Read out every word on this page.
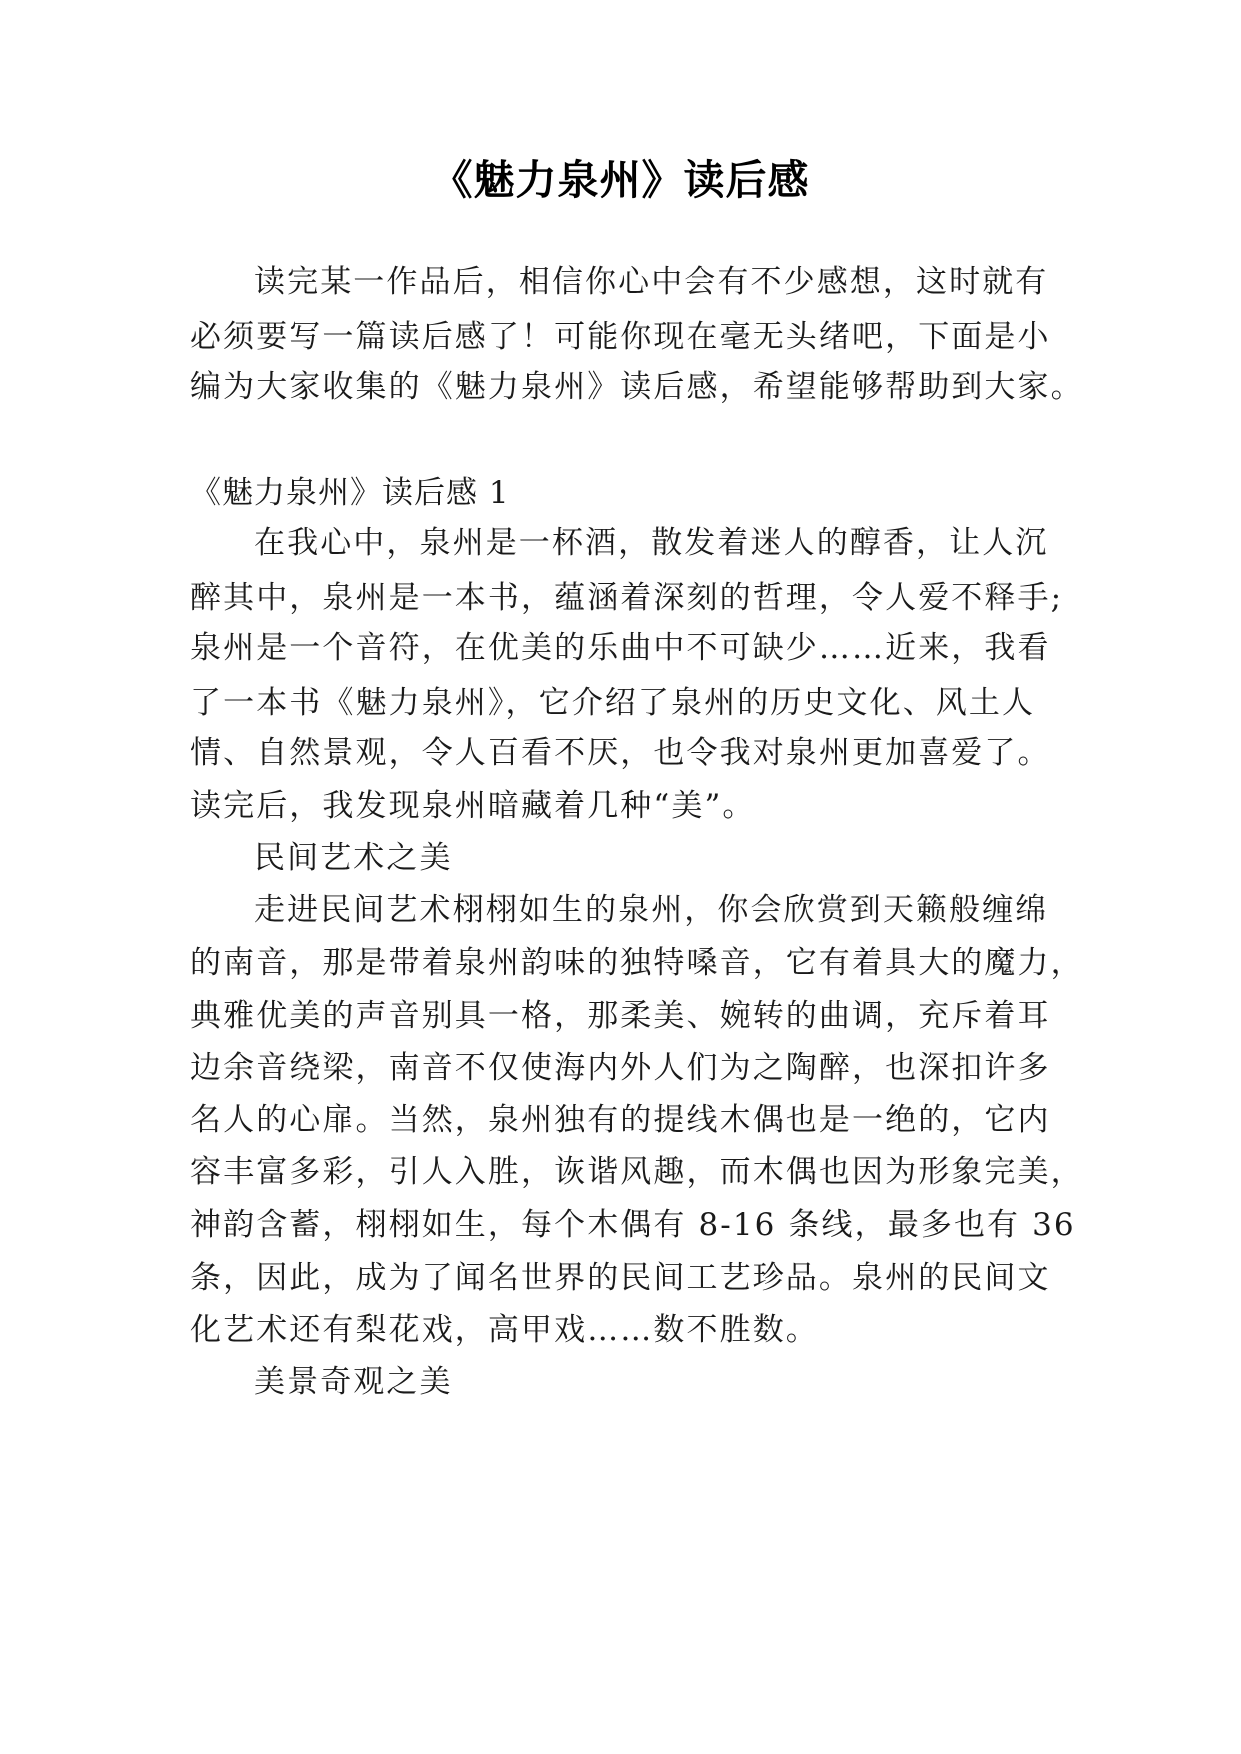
《魅力泉州》读后感
读完某一作品后，相信你心中会有不少感想，这时就有
必须要写一篇读后感了！可能你现在毫无头绪吧，下面是小
编为大家收集的《魅力泉州》读后感，希望能够帮助到大家。
《魅力泉州》读后感 1
在我心中，泉州是一杯酒，散发着迷人的醇香，让人沉
醉其中，泉州是一本书，蕴涵着深刻的哲理，令人爱不释手;
泉州是一个音符，在优美的乐曲中不可缺少……近来，我看
了一本书《魅力泉州》，它介绍了泉州的历史文化、风土人
情、自然景观，令人百看不厌，也令我对泉州更加喜爱了。
读完后，我发现泉州暗藏着几种“美”。
民间艺术之美
走进民间艺术栩栩如生的泉州，你会欣赏到天籁般缠绵
的南音，那是带着泉州韵味的独特嗓音，它有着具大的魔力，
典雅优美的声音别具一格，那柔美、婉转的曲调，充斥着耳
边余音绕梁，南音不仅使海内外人们为之陶醉，也深扣许多
名人的心扉。当然，泉州独有的提线木偶也是一绝的，它内
容丰富多彩，引人入胜，诙谐风趣，而木偶也因为形象完美，
神韵含蓄，栩栩如生，每个木偶有 8-16 条线，最多也有 36
条，因此，成为了闻名世界的民间工艺珍品。泉州的民间文
化艺术还有梨花戏，高甲戏……数不胜数。
美景奇观之美
